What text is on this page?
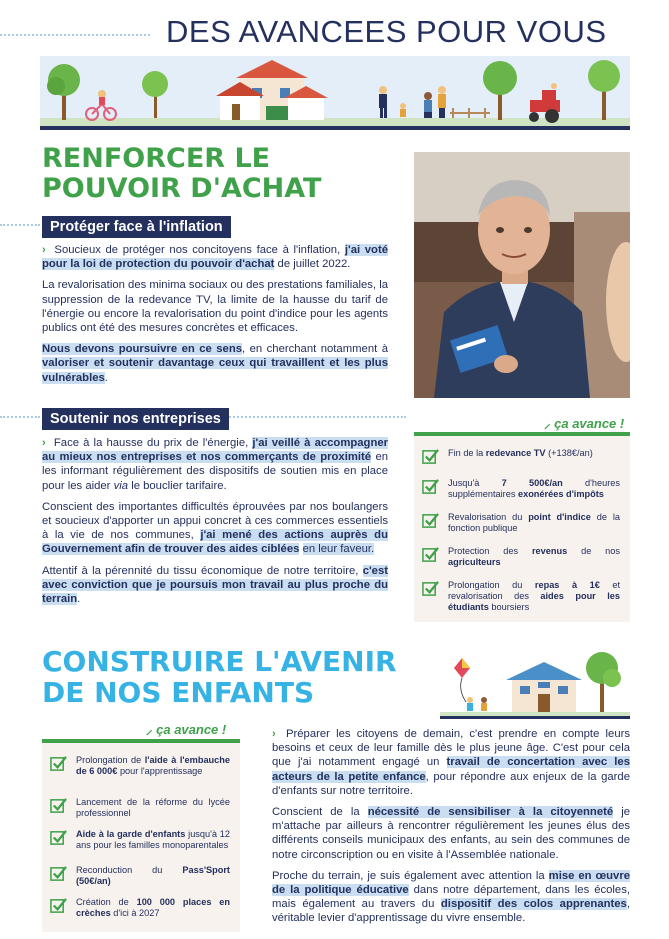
DES AVANCEES POUR VOUS
RENFORCER LE
POUVOIR D'ACHAT
Protéger face à l'inflation

› Soucieux de protéger nos concitoyens face à l'inflation, j'ai voté pour la loi de protection du pouvoir d'achat de juillet 2022.

La revalorisation des minima sociaux ou des prestations familiales, la suppression de la redevance TV, la limite de la hausse du tarif de l'énergie ou encore la revalorisation du point d'indice pour les agents publics ont été des mesures concrètes et efficaces.

Nous devons poursuivre en ce sens, en cherchant notamment à valoriser et soutenir davantage ceux qui travaillent et les plus vulnérables.

Soutenir nos entreprises

› Face à la hausse du prix de l'énergie, j'ai veillé à accompagner au mieux nos entreprises et nos commerçants de proximité en les informant régulièrement des dispositifs de soutien mis en place pour les aider via le bouclier tarifaire.

Conscient des importantes difficultés éprouvées par nos boulangers et soucieux d'apporter un appui concret à ces commerces essentiels à la vie de nos communes, j'ai mené des actions auprès du Gouvernement afin de trouver des aides ciblées en leur faveur.

Attentif à la pérennité du tissu économique de notre territoire, c'est avec conviction que je poursuis mon travail au plus proche du terrain.

⸝ ça avance !
Fin de la redevance TV (+138€/an)
Jusqu'à 7 500€/an d'heures supplémentaires exonérées d'impôts
Revalorisation du point d'indice de la fonction publique
Protection des revenus de nos agriculteurs
Prolongation du repas à 1€ et revalorisation des aides pour les étudiants boursiers
CONSTRUIRE L'AVENIR
DE NOS ENFANTS
⸝ ça avance !
Prolongation de l'aide à l'embauche de 6 000€ pour l'apprentissage
Lancement de la réforme du lycée professionnel
Aide à la garde d'enfants jusqu'à 12 ans pour les familles monoparentales
Reconduction du Pass'Sport (50€/an)
Création de 100 000 places en crèches d'ici à 2027

› Préparer les citoyens de demain, c'est prendre en compte leurs besoins et ceux de leur famille dès le plus jeune âge. C'est pour cela que j'ai notamment engagé un travail de concertation avec les acteurs de la petite enfance, pour répondre aux enjeux de la garde d'enfants sur notre territoire.

Conscient de la nécessité de sensibiliser à la citoyenneté je m'attache par ailleurs à rencontrer régulièrement les jeunes élus des différents conseils municipaux des enfants, au sein des communes de notre circonscription ou en visite à l'Assemblée nationale.

Proche du terrain, je suis également avec attention la mise en œuvre de la politique éducative dans notre département, dans les écoles, mais également au travers du dispositif des colos apprenantes, véritable levier d'apprentissage du vivre ensemble.
